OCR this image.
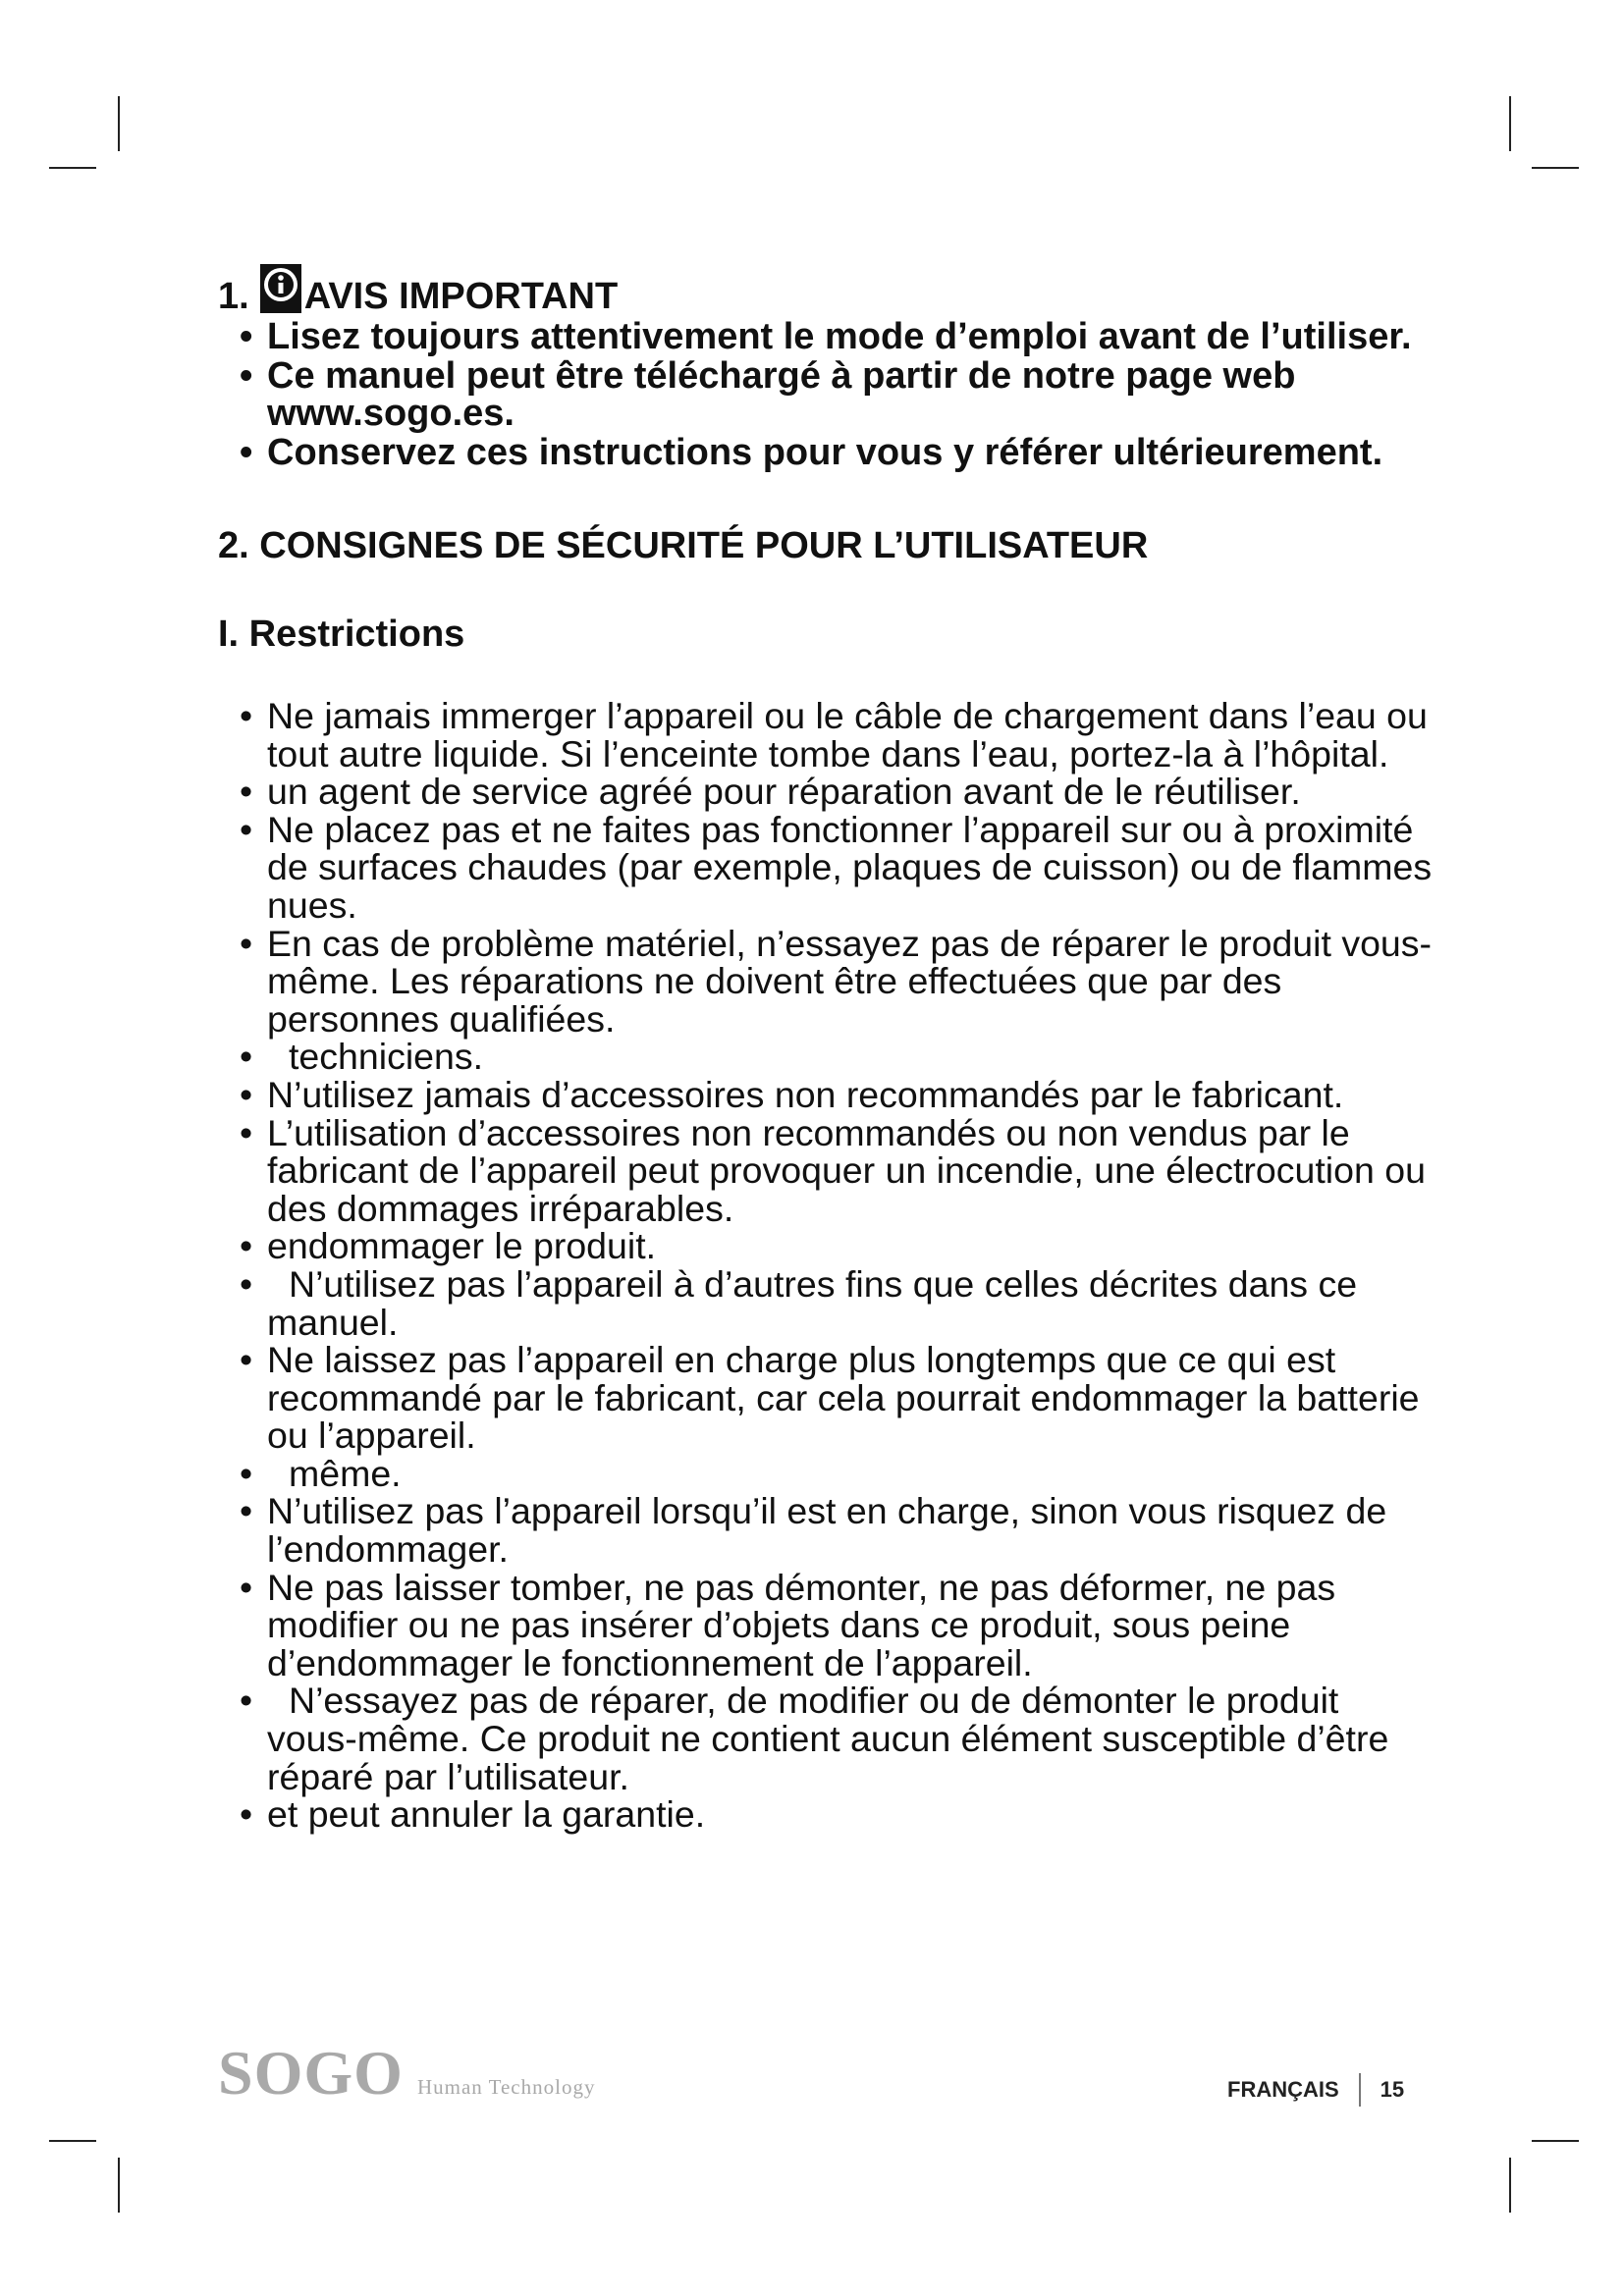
1. AVIS IMPORTANT
• Lisez toujours attentivement le mode d’emploi avant de l’utiliser.
• Ce manuel peut être téléchargé à partir de notre page web www.sogo.es.
• Conservez ces instructions pour vous y référer ultérieurement.
2. CONSIGNES DE SÉCURITÉ POUR L’UTILISATEUR
I. Restrictions
• Ne jamais immerger l’appareil ou le câble de chargement dans l’eau ou tout autre liquide. Si l’enceinte tombe dans l’eau, portez-la à l’hôpital.
• un agent de service agréé pour réparation avant de le réutiliser.
• Ne placez pas et ne faites pas fonctionner l’appareil sur ou à proximité de surfaces chaudes (par exemple, plaques de cuisson) ou de flammes nues.
• En cas de problème matériel, n’essayez pas de réparer le produit vous-même. Les réparations ne doivent être effectuées que par des personnes qualifiées.
• techniciens.
• N’utilisez jamais d’accessoires non recommandés par le fabricant.
• L’utilisation d’accessoires non recommandés ou non vendus par le fabricant de l’appareil peut provoquer un incendie, une électrocution ou des dommages irréparables.
• endommager le produit.
• N’utilisez pas l’appareil à d’autres fins que celles décrites dans ce manuel.
• Ne laissez pas l’appareil en charge plus longtemps que ce qui est recommandé par le fabricant, car cela pourrait endommager la batterie ou l’appareil.
• même.
• N’utilisez pas l’appareil lorsqu’il est en charge, sinon vous risquez de l’endommager.
• Ne pas laisser tomber, ne pas démonter, ne pas déformer, ne pas modifier ou ne pas insérer d’objets dans ce produit, sous peine d’endommager le fonctionnement de l’appareil.
• N’essayez pas de réparer, de modifier ou de démonter le produit vous-même. Ce produit ne contient aucun élément susceptible d’être réparé par l’utilisateur.
• et peut annuler la garantie.
SOGO Human Technology	FRANÇAIS 15
